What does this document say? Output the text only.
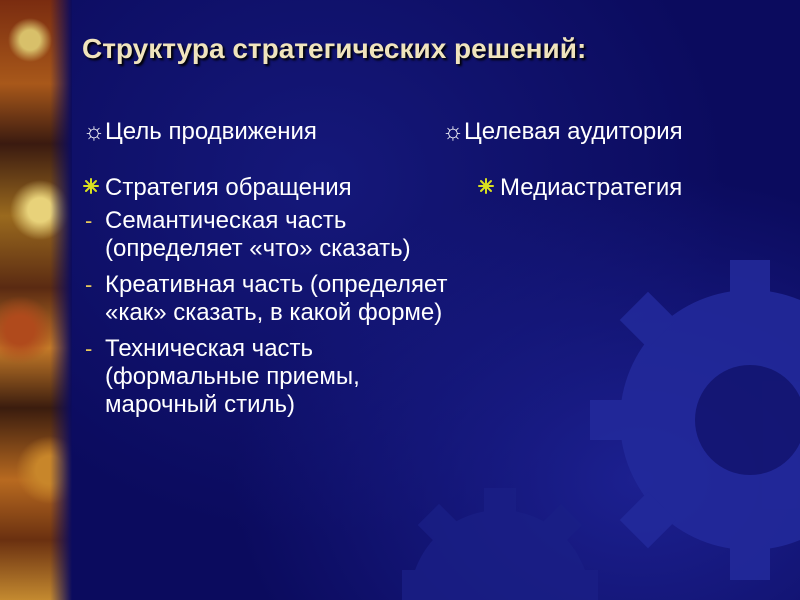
Структура стратегических решений:
☼Цель продвижения	☼Целевая аудитория
Стратегия обращения
- Семантическая часть (определяет «что» сказать)
- Креативная часть (определяет «как» сказать, в какой форме)
- Техническая часть (формальные приемы, марочный стиль)
Медиастратегия
